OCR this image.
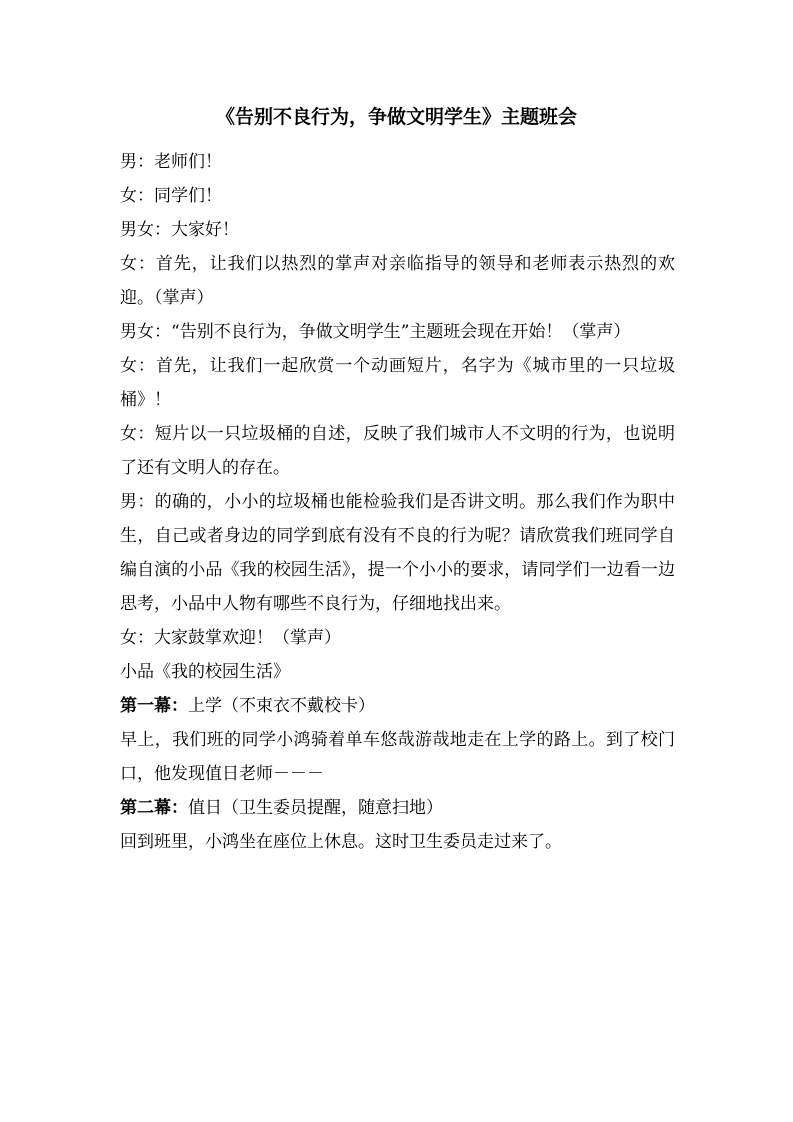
《告别不良行为，争做文明学生》主题班会

男：老师们！

女：同学们！

男女：大家好！

女：首先，让我们以热烈的掌声对亲临指导的领导和老师表示热烈的欢迎。（掌声）

男女：“告别不良行为，争做文明学生”主题班会现在开始！（掌声）

女：首先，让我们一起欣赏一个动画短片，名字为《城市里的一只垃圾桶》！

女：短片以一只垃圾桶的自述，反映了我们城市人不文明的行为，也说明了还有文明人的存在。

男：的确的，小小的垃圾桶也能检验我们是否讲文明。那么我们作为职中生，自己或者身边的同学到底有没有不良的行为呢？请欣赏我们班同学自编自演的小品《我的校园生活》，提一个小小的要求，请同学们一边看一边思考，小品中人物有哪些不良行为，仔细地找出来。

女：大家鼓掌欢迎！（掌声）

小品《我的校园生活》

第一幕：上学（不束衣不戴校卡）

早上，我们班的同学小鸿骑着单车悠哉游哉地走在上学的路上。到了校门口，他发现值日老师－－－

第二幕：值日（卫生委员提醒，随意扫地）

回到班里，小鸿坐在座位上休息。这时卫生委员走过来了。
